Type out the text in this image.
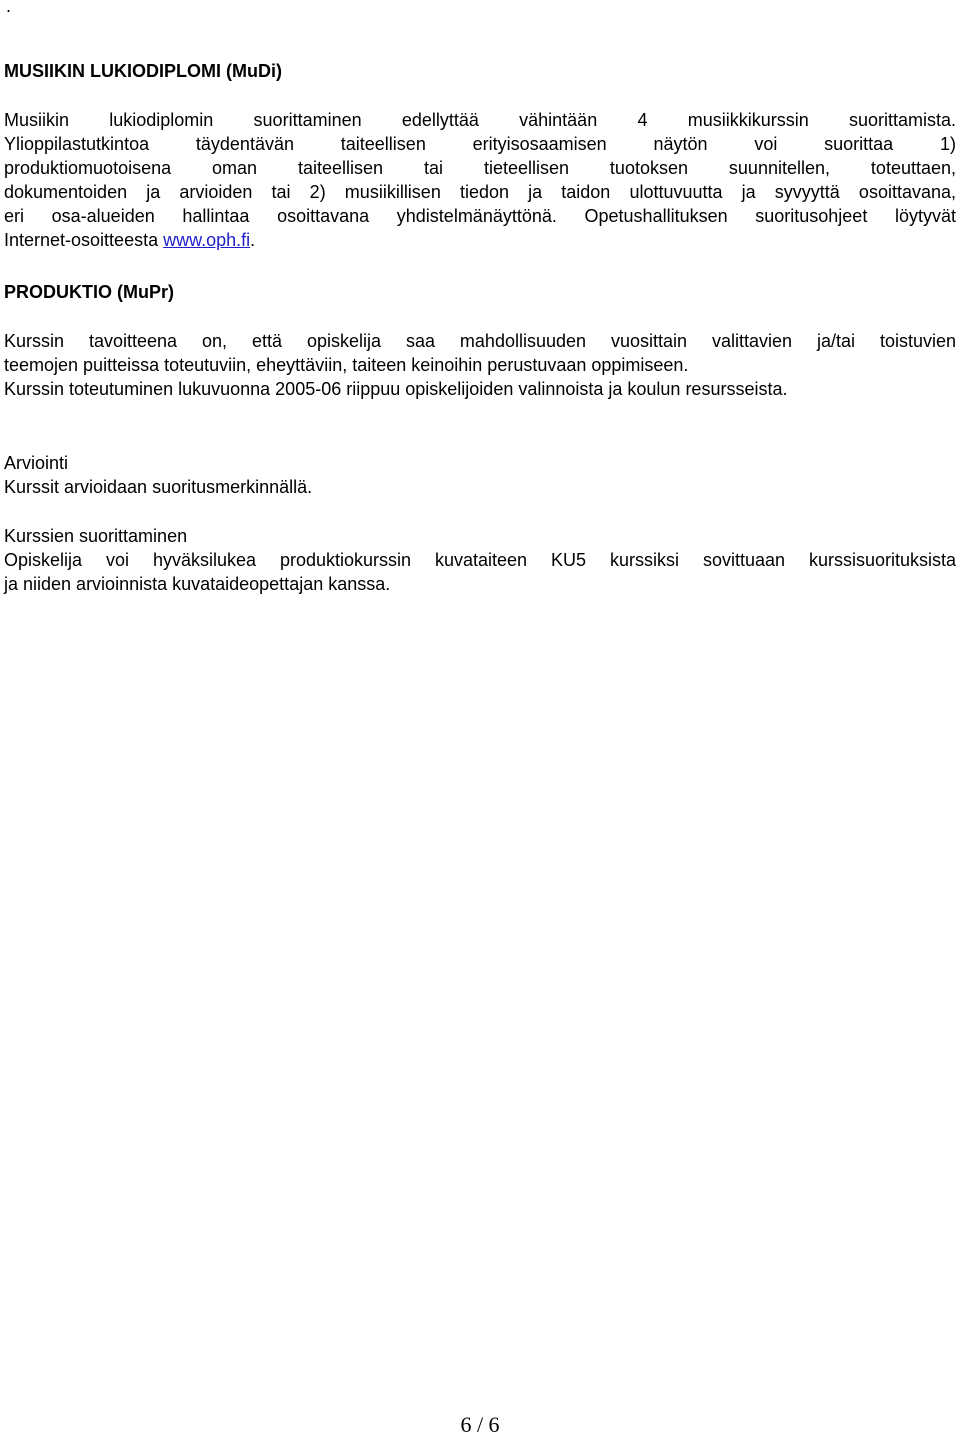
.
MUSIIKIN LUKIODIPLOMI (MuDi)
Musiikin lukiodiplomin suorittaminen edellyttää vähintään 4 musiikkikurssin suorittamista.
Ylioppilastutkintoa täydentävän taiteellisen erityisosaamisen näytön voi suorittaa 1)
produktiomuotoisena oman taiteellisen tai tieteellisen tuotoksen suunnitellen, toteuttaen,
dokumentoiden ja arvioiden tai 2) musiikillisen tiedon ja taidon ulottuvuutta ja syvyyttä osoittavana,
eri osa-alueiden hallintaa osoittavana yhdistelmänäyttönä. Opetushallituksen suoritusohjeet löytyvät
Internet-osoitteesta www.oph.fi.
PRODUKTIO (MuPr)
Kurssin tavoitteena on, että opiskelija saa mahdollisuuden vuosittain valittavien ja/tai toistuvien
teemojen puitteissa toteutuviin, eheyttäviin, taiteen keinoihin perustuvaan oppimiseen.
Kurssin toteutuminen lukuvuonna 2005-06 riippuu opiskelijoiden valinnoista ja koulun resursseista.
Arviointi
Kurssit arvioidaan suoritusmerkinnällä.
Kurssien suorittaminen
Opiskelija voi hyväksilukea produktiokurssin kuvataiteen KU5 kurssiksi sovittuaan kurssisuorituksista
ja niiden arvioinnista kuvataideopettajan kanssa.
6 / 6
